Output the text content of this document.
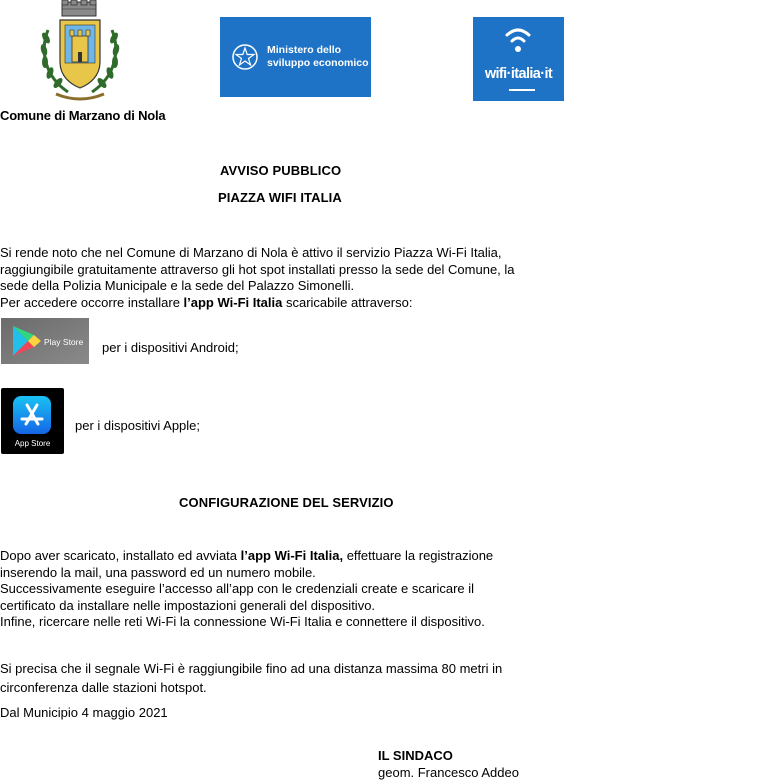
Comune di Marzano di Nola
Ministero dello
sviluppo economico
wifi·italia·it
AVVISO PUBBLICO
PIAZZA WIFI ITALIA
Si rende noto che nel Comune di Marzano di Nola è attivo il servizio Piazza Wi-Fi Italia,
raggiungibile gratuitamente attraverso gli hot spot installati presso la sede del Comune, la
sede della Polizia Municipale e la sede del Palazzo Simonelli.
Per accedere occorre installare l’app Wi-Fi Italia scaricabile attraverso:
Play Store per i dispositivi Android;
App Store
per i dispositivi Apple;
CONFIGURAZIONE DEL SERVIZIO
Dopo aver scaricato, installato ed avviata l’app Wi-Fi Italia, effettuare la registrazione
inserendo la mail, una password ed un numero mobile.
Successivamente eseguire l’accesso all’app con le credenziali create e scaricare il
certificato da installare nelle impostazioni generali del dispositivo.
Infine, ricercare nelle reti Wi-Fi la connessione Wi-Fi Italia e connettere il dispositivo.
Si precisa che il segnale Wi-Fi è raggiungibile fino ad una distanza massima 80 metri in
circonferenza dalle stazioni hotspot.
Dal Municipio 4 maggio 2021
IL SINDACO
geom. Francesco Addeo
